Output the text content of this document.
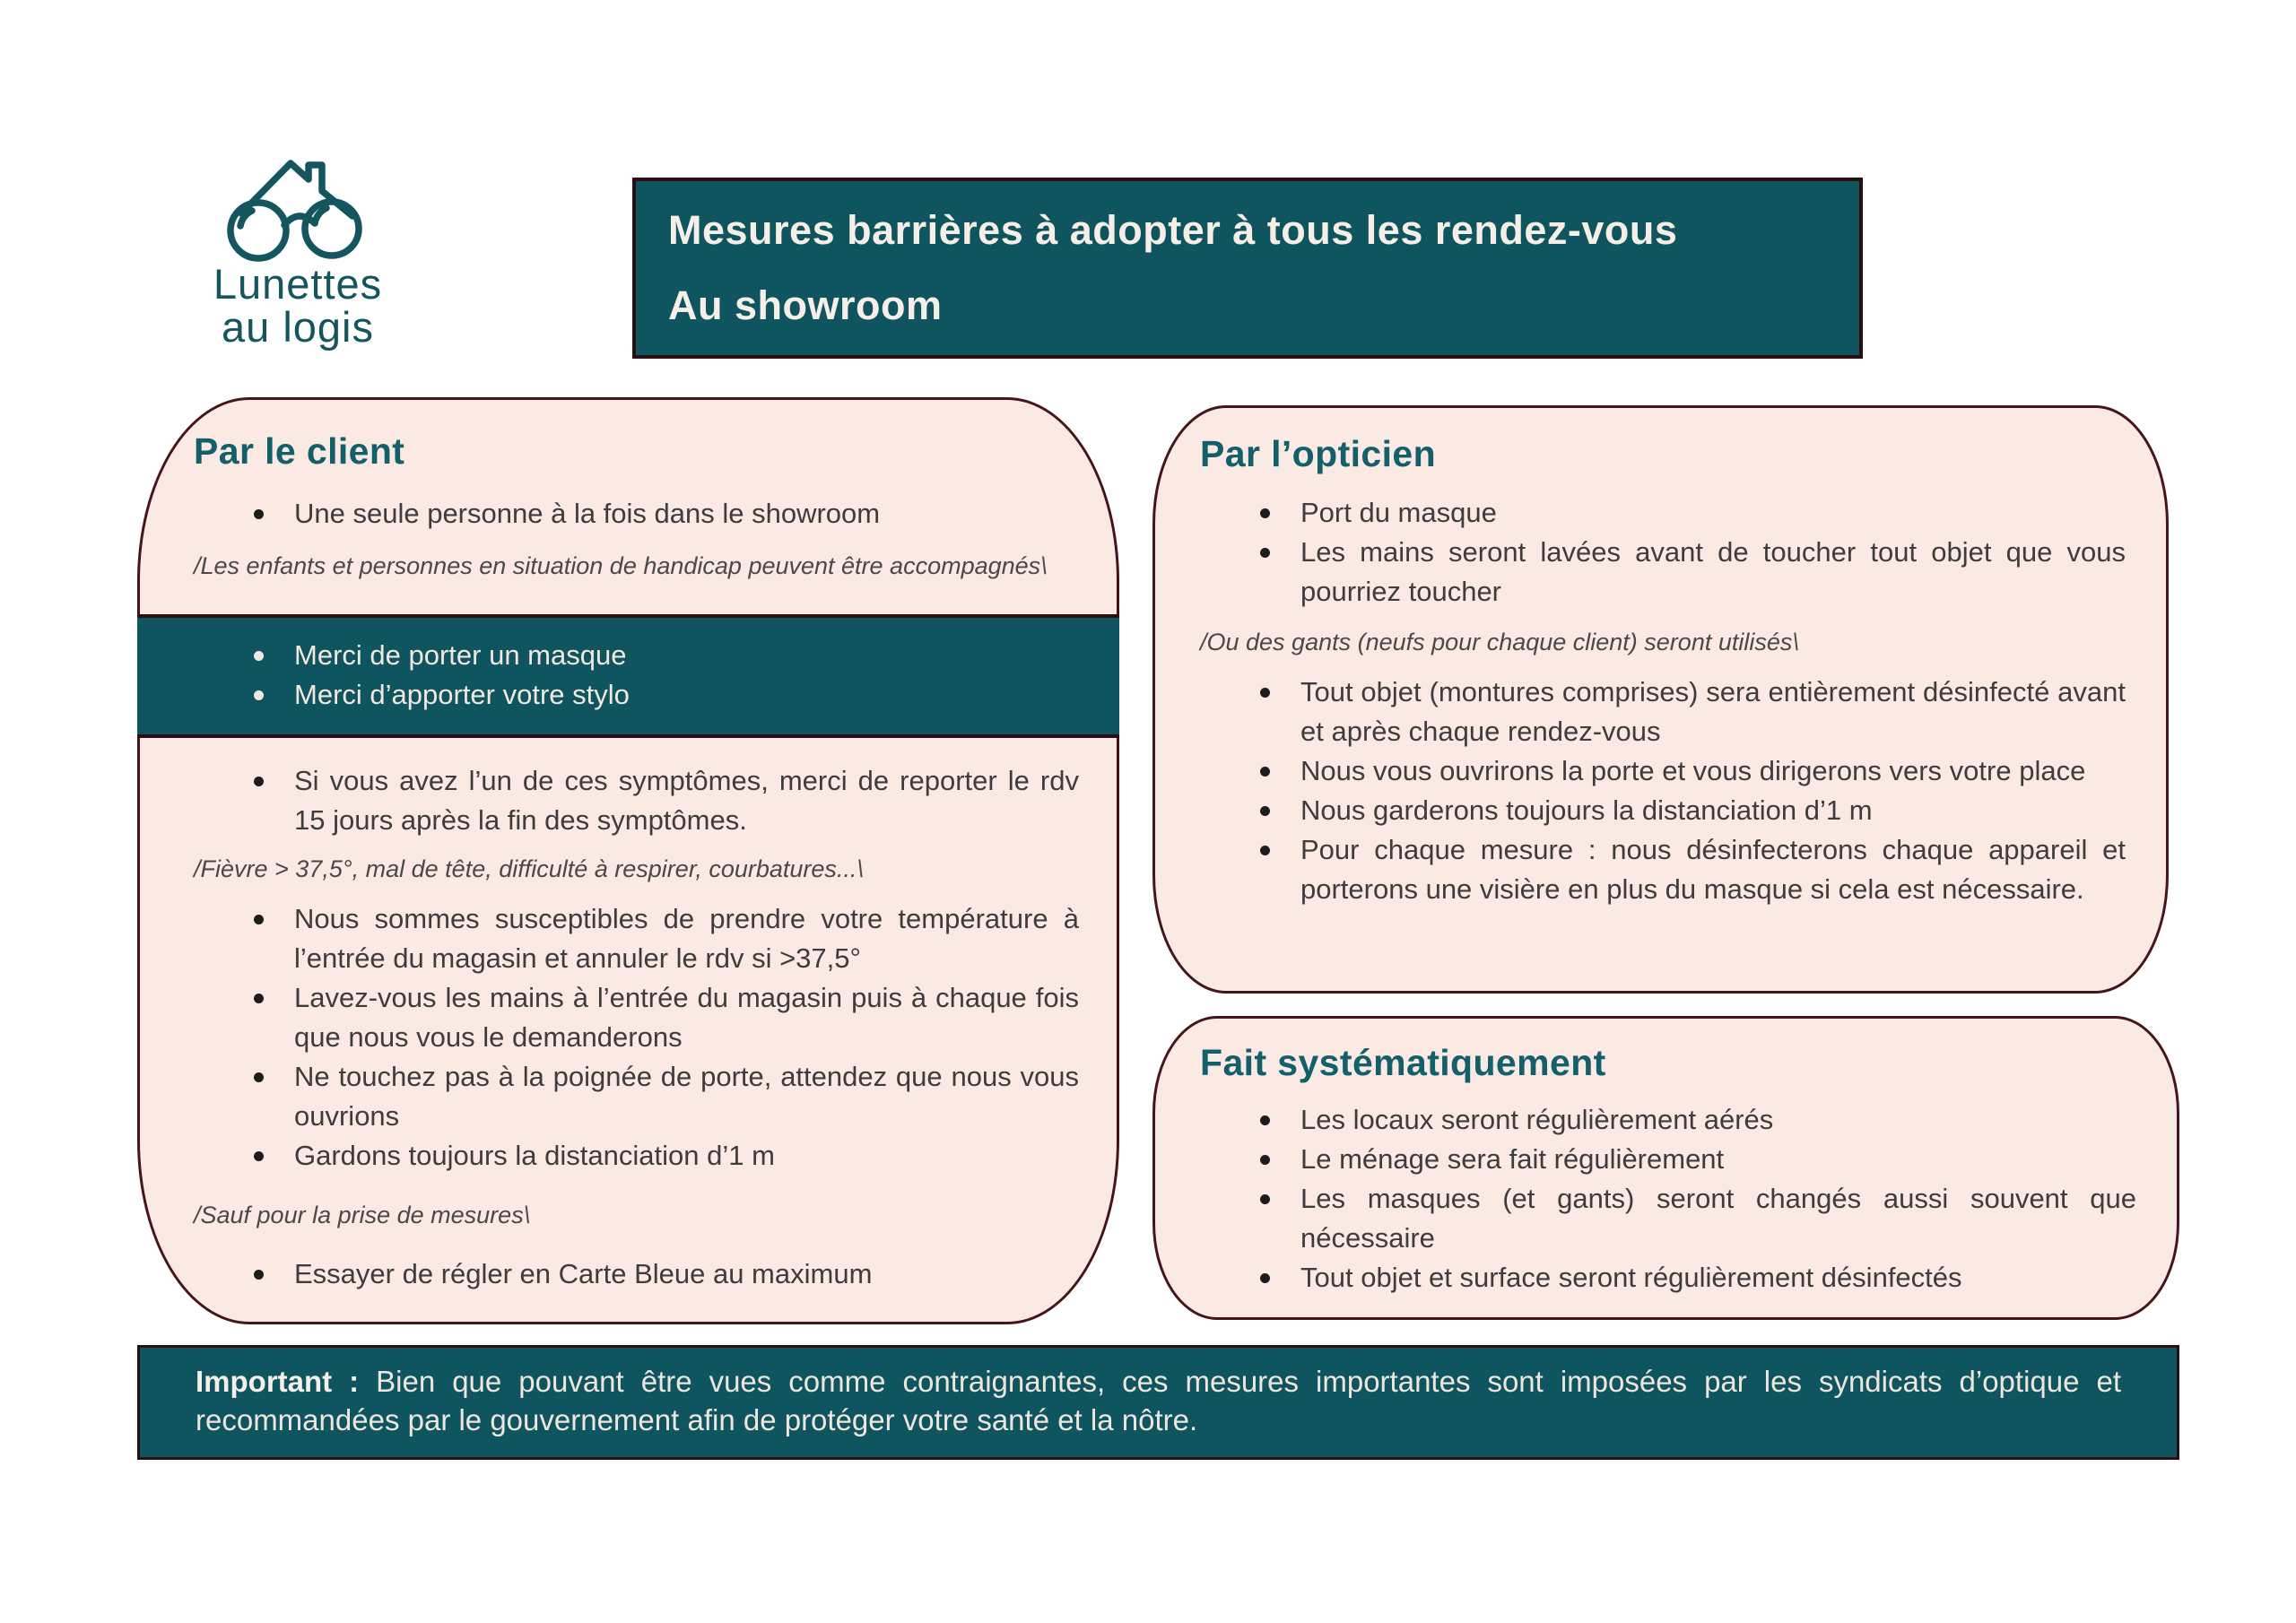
Lunettes
au logis
Mesures barrières à adopter à tous les rendez-vous
Au showroom
Par le client
Une seule personne à la fois dans le showroom
/Les enfants et personnes en situation de handicap peuvent être accompagnés\
Merci de porter un masque
Merci d’apporter votre stylo
Si vous avez l’un de ces symptômes, merci de reporter le rdv 15 jours après la fin des symptômes.
/Fièvre > 37,5°, mal de tête, difficulté à respirer, courbatures...\
Nous sommes susceptibles de prendre votre température à l’entrée du magasin et annuler le rdv si >37,5°
Lavez-vous les mains à l’entrée du magasin puis à chaque fois que nous vous le demanderons
Ne touchez pas à la poignée de porte, attendez que nous vous ouvrions
Gardons toujours la distanciation d’1 m
/Sauf pour la prise de mesures\
Essayer de régler en Carte Bleue au maximum
Par l’opticien
Port du masque
Les mains seront lavées avant de toucher tout objet que vous pourriez toucher
/Ou des gants (neufs pour chaque client) seront utilisés\
Tout objet (montures comprises) sera entièrement désinfecté avant et après chaque rendez-vous
Nous vous ouvrirons la porte et vous dirigerons vers votre place
Nous garderons toujours la distanciation d’1 m
Pour chaque mesure : nous désinfecterons chaque appareil et porterons une visière en plus du masque si cela est nécessaire.
Fait systématiquement
Les locaux seront régulièrement aérés
Le ménage sera fait régulièrement
Les masques (et gants) seront changés aussi souvent que nécessaire
Tout objet et surface seront régulièrement désinfectés
Important : Bien que pouvant être vues comme contraignantes, ces mesures importantes sont imposées par les syndicats d’optique et recommandées par le gouvernement afin de protéger votre santé et la nôtre.
